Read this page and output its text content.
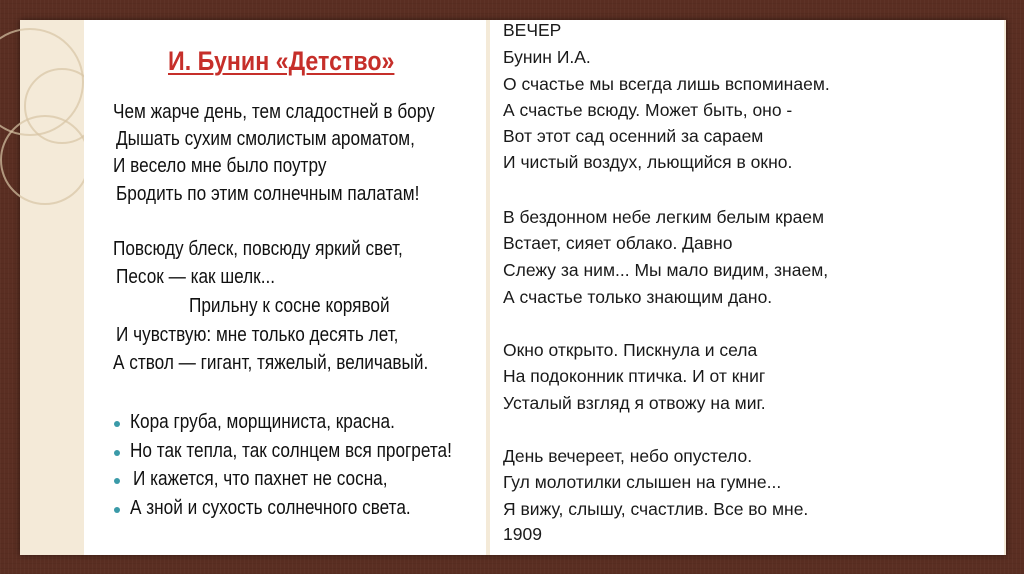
И. Бунин «Детство»

Чем жарче день, тем сладостней в бору

Дышать сухим смолистым ароматом,

И весело мне было поутру

Бродить по этим солнечным палатам!

Повсюду блеск, повсюду яркий свет,

Песок — как шелк...

Прильну к сосне корявой

И чувствую: мне только десять лет,

А ствол — гигант, тяжелый, величавый.

Кора груба, морщиниста, красна.

Но так тепла, так солнцем вся прогрета!

И кажется, что пахнет не сосна,

А зной и сухость солнечного света.

ВЕЧЕР

Бунин И.А.

О счастье мы всегда лишь вспоминаем.

А счастье всюду. Может быть, оно -

Вот этот сад осенний за сараем

И чистый воздух, льющийся в окно.

В бездонном небе легким белым краем

Встает, сияет облако. Давно

Слежу за ним... Мы мало видим, знаем,

А счастье только знающим дано.

Окно открыто. Пискнула и села

На подоконник птичка. И от книг

Усталый взгляд я отвожу на миг.

День вечереет, небо опустело.

Гул молотилки слышен на гумне...

Я вижу, слышу, счастлив. Все во мне.

1909
